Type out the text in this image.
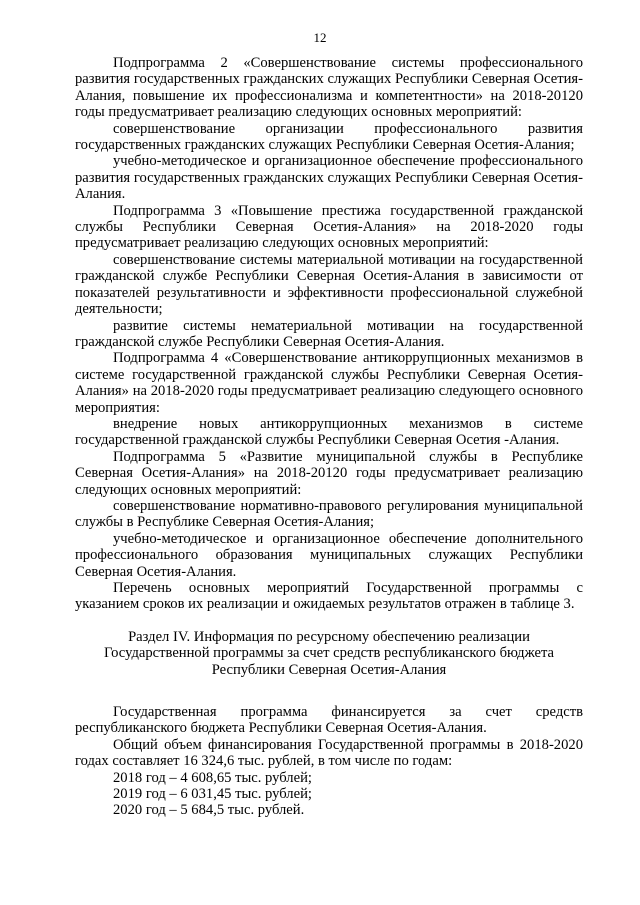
12

Подпрограмма 2 «Совершенствование системы профессионального развития государственных гражданских служащих Республики Северная Осетия-Алания, повышение их профессионализма и компетентности» на 2018-20120 годы предусматривает реализацию следующих основных мероприятий:

совершенствование организации профессионального развития государственных гражданских служащих Республики Северная Осетия-Алания;

учебно-методическое и организационное обеспечение профессионального развития государственных гражданских служащих Республики Северная Осетия-Алания.

Подпрограмма 3 «Повышение престижа государственной гражданской службы Республики Северная Осетия-Алания» на 2018-2020 годы предусматривает реализацию следующих основных мероприятий:

совершенствование системы материальной мотивации на государственной гражданской службе Республики Северная Осетия-Алания в зависимости от показателей результативности и эффективности профессиональной служебной деятельности;

развитие системы нематериальной мотивации на государственной гражданской службе Республики Северная Осетия-Алания.

Подпрограмма 4 «Совершенствование антикоррупционных механизмов в системе государственной гражданской службы Республики Северная Осетия-Алания» на 2018-2020 годы предусматривает реализацию следующего основного мероприятия:

внедрение новых антикоррупционных механизмов в системе государственной гражданской службы Республики Северная Осетия -Алания.

Подпрограмма 5 «Развитие муниципальной службы в Республике Северная Осетия-Алания» на 2018-20120 годы предусматривает реализацию следующих основных мероприятий:

совершенствование нормативно-правового регулирования муниципальной службы в Республике Северная Осетия-Алания;

учебно-методическое и организационное обеспечение дополнительного профессионального образования муниципальных служащих Республики Северная Осетия-Алания.

Перечень основных мероприятий Государственной программы с указанием сроков их реализации и ожидаемых результатов отражен в таблице 3.

Раздел IV. Информация по ресурсному обеспечению реализации
Государственной программы за счет средств республиканского бюджета
Республики Северная Осетия-Алания

Государственная программа финансируется за счет средств республиканского бюджета Республики Северная Осетия-Алания.

Общий объем финансирования Государственной программы в 2018-2020 годах составляет 16 324,6 тыс. рублей, в том числе по годам:

2018 год – 4 608,65 тыс. рублей;

2019 год – 6 031,45 тыс. рублей;

2020 год – 5 684,5 тыс. рублей.
